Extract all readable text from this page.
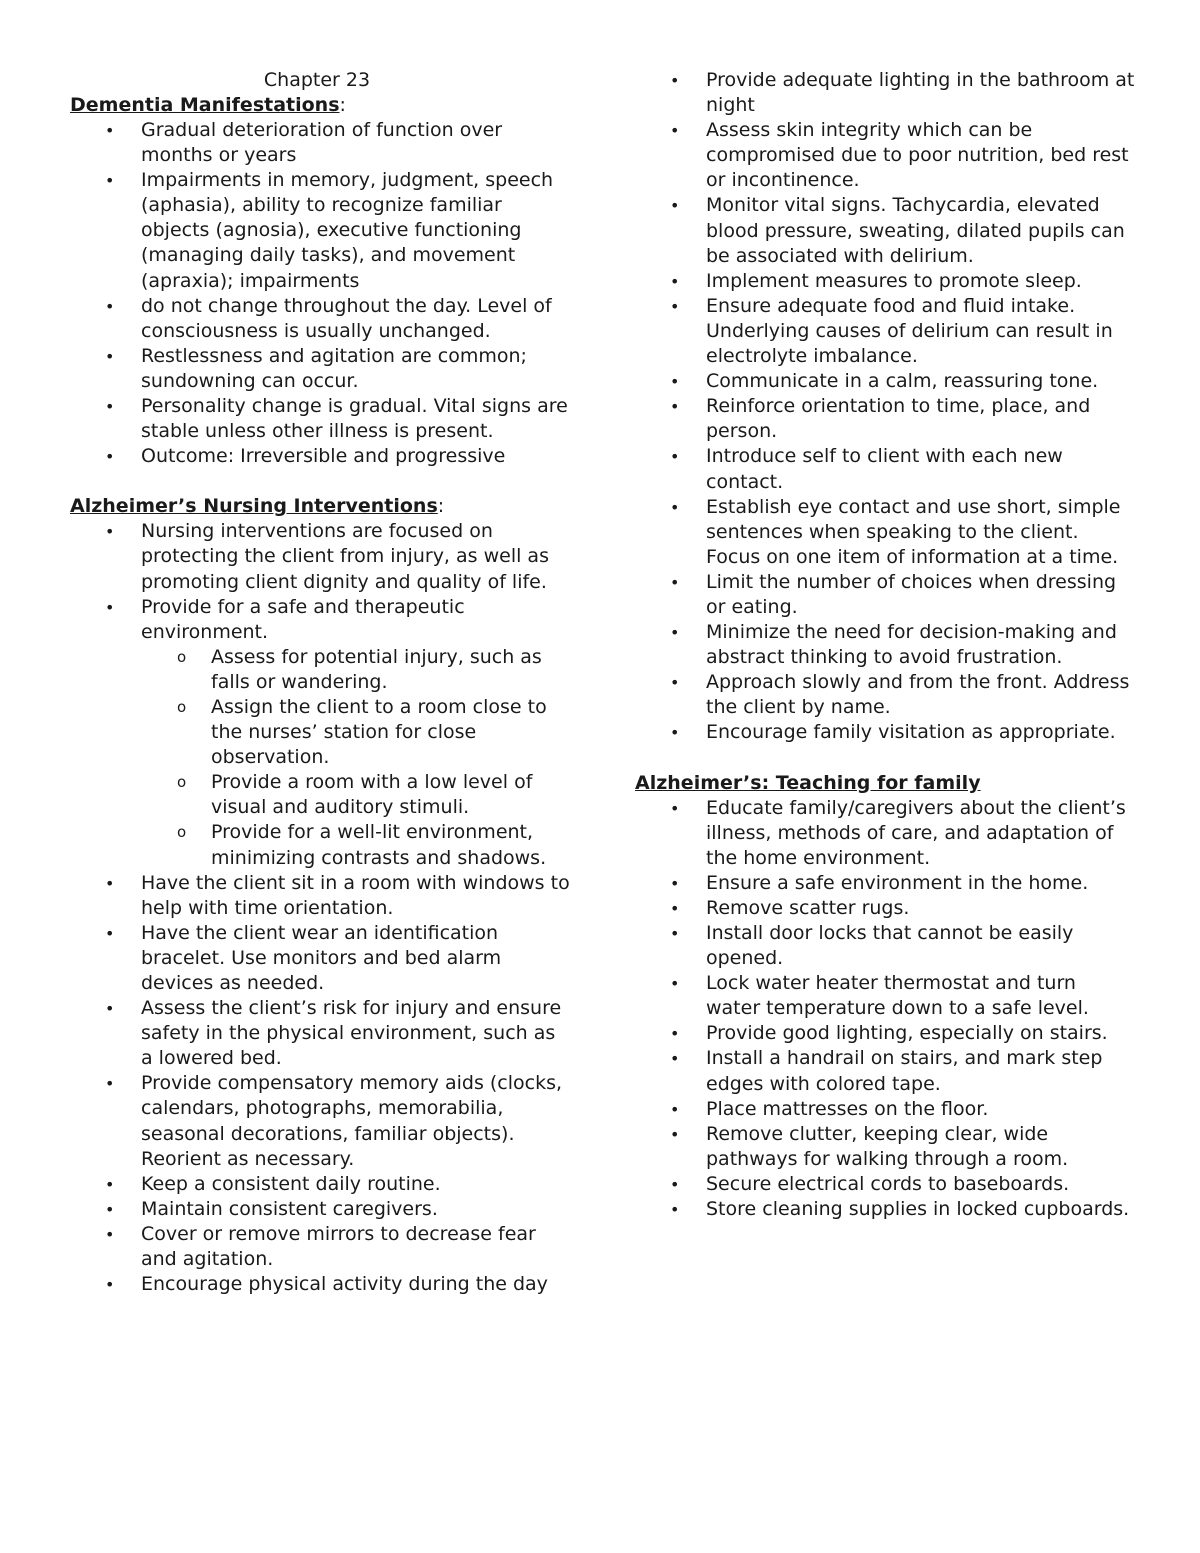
Chapter 23
Dementia Manifestations:
• Gradual deterioration of function over months or years
• Impairments in memory, judgment, speech (aphasia), ability to recognize familiar objects (agnosia), executive functioning (managing daily tasks), and movement (apraxia); impairments
• do not change throughout the day. Level of consciousness is usually unchanged.
• Restlessness and agitation are common; sundowning can occur.
• Personality change is gradual. Vital signs are stable unless other illness is present.
• Outcome: Irreversible and progressive
Alzheimer’s Nursing Interventions:
• Nursing interventions are focused on protecting the client from injury, as well as promoting client dignity and quality of life.
• Provide for a safe and therapeutic environment.
o Assess for potential injury, such as falls or wandering.
o Assign the client to a room close to the nurses’ station for close observation.
o Provide a room with a low level of visual and auditory stimuli.
o Provide for a well-lit environment, minimizing contrasts and shadows.
• Have the client sit in a room with windows to help with time orientation.
• Have the client wear an identification bracelet. Use monitors and bed alarm devices as needed.
• Assess the client’s risk for injury and ensure safety in the physical environment, such as a lowered bed.
• Provide compensatory memory aids (clocks, calendars, photographs, memorabilia, seasonal decorations, familiar objects). Reorient as necessary.
• Keep a consistent daily routine.
• Maintain consistent caregivers.
• Cover or remove mirrors to decrease fear and agitation.
• Encourage physical activity during the day
• Provide adequate lighting in the bathroom at night
• Assess skin integrity which can be compromised due to poor nutrition, bed rest or incontinence.
• Monitor vital signs. Tachycardia, elevated blood pressure, sweating, dilated pupils can be associated with delirium.
• Implement measures to promote sleep.
• Ensure adequate food and fluid intake. Underlying causes of delirium can result in electrolyte imbalance.
• Communicate in a calm, reassuring tone.
• Reinforce orientation to time, place, and person.
• Introduce self to client with each new contact.
• Establish eye contact and use short, simple sentences when speaking to the client. Focus on one item of information at a time.
• Limit the number of choices when dressing or eating.
• Minimize the need for decision-making and abstract thinking to avoid frustration.
• Approach slowly and from the front. Address the client by name.
• Encourage family visitation as appropriate.
Alzheimer’s: Teaching for family
• Educate family/caregivers about the client’s illness, methods of care, and adaptation of the home environment.
• Ensure a safe environment in the home.
• Remove scatter rugs.
• Install door locks that cannot be easily opened.
• Lock water heater thermostat and turn water temperature down to a safe level.
• Provide good lighting, especially on stairs.
• Install a handrail on stairs, and mark step edges with colored tape.
• Place mattresses on the floor.
• Remove clutter, keeping clear, wide pathways for walking through a room.
• Secure electrical cords to baseboards.
• Store cleaning supplies in locked cupboards.
